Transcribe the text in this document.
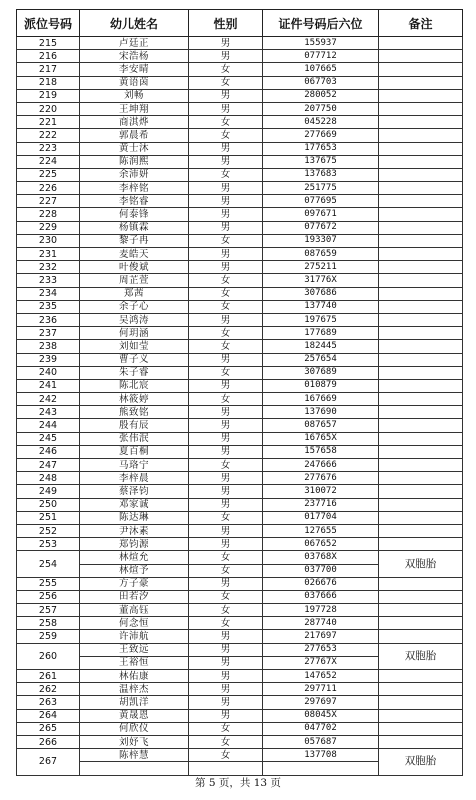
派位号码	幼儿姓名	性别	证件号码后六位	备注
215	卢廷正	男	155937	
216	宋浩杨	男	077712	
217	李安晴	女	107665	
218	黄语茵	女	067703	
219	刘畅	男	280052	
220	王坤翔	男	207750	
221	商淇烨	女	045228	
222	郭晨希	女	277669	
223	黄士沐	男	177653	
224	陈润熙	男	137675	
225	余沛妍	女	137683	
226	李梓铭	男	251775	
227	李铭睿	男	077695	
228	何泰锋	男	097671	
229	杨镇霖	男	077672	
230	黎子冉	女	193307	
231	麦皓天	男	087659	
232	叶俊斌	男	275211	
233	周芷萱	女	31776X	
234	郑茜	女	307686	
235	余子心	女	137740	
236	吴鸿涛	男	197675	
237	何玥涵	女	177689	
238	刘如莹	女	182445	
239	曹子义	男	257654	
240	朱子睿	女	307689	
241	陈北宸	男	010879	
242	林筱婷	女	167669	
243	熊致铭	男	137690	
244	殷有辰	男	087657	
245	张伟泯	男	16765X	
246	夏百桐	男	157658	
247	马珞宁	女	247666	
248	李梓晨	男	277676	
249	蔡泽钧	男	310072	
250	邓家诚	男	237716	
251	陈达琳	女	017704	
252	尹沐素	男	127655	
253	郑钧源	男	067652	
254	林煊允	女	03768X	双胞胎
	林煊予	女	037700	
255	方子豪	男	026676	
256	田若汐	女	037666	
257	董高钰	女	197728	
258	何念恒	女	287740	
259	许沛航	男	217697	
260	王致远	男	277653	双胞胎
	王裕恒	男	27767X	
261	林佑康	男	147652	
262	温梓杰	男	297711	
263	胡凯洋	男	297697	
264	黄晟恩	男	08045X	
265	何欣仪	女	047702	
266	刘妤飞	女	057687	
267	陈梓慧	女	137708	双胞胎

第 5 页，共 13 页
